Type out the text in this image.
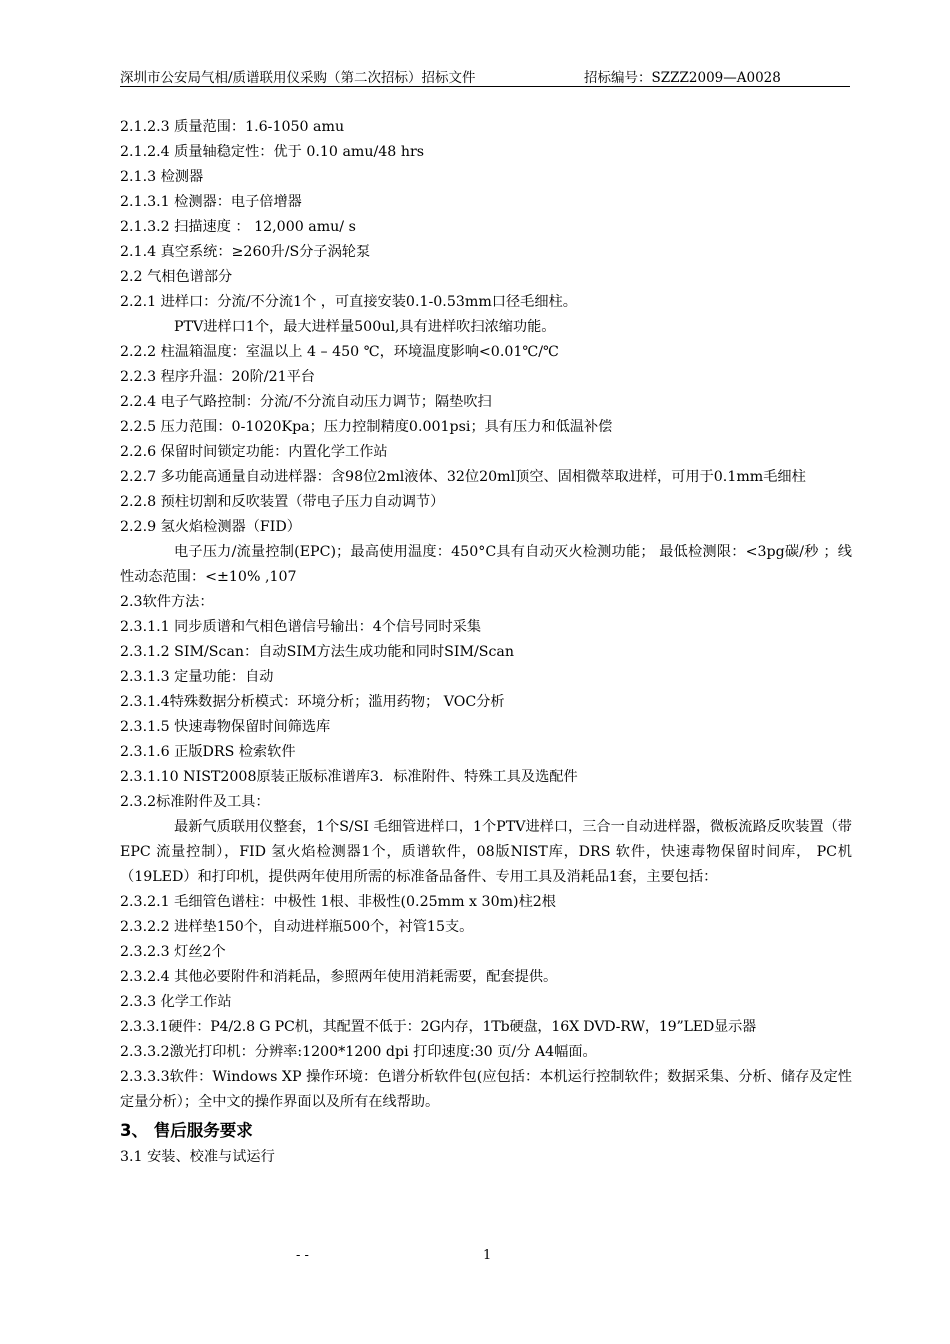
深圳市公安局气相/质谱联用仪采购（第二次招标）招标文件	招标编号：SZZZ2009—A0028
2.1.2.3 质量范围：1.6-1050 amu
2.1.2.4 质量轴稳定性：优于 0.10 amu/48 hrs
2.1.3 检测器
2.1.3.1 检测器：电子倍增器
2.1.3.2 扫描速度 ： 12,000 amu/ s
2.1.4 真空系统：≥260升/S分子涡轮泵
2.2 气相色谱部分
2.2.1 进样口：分流/不分流1个 ，可直接安装0.1-0.53mm口径毛细柱。
PTV进样口1个，最大进样量500ul,具有进样吹扫浓缩功能。
2.2.2 柱温箱温度：室温以上 4 – 450 ℃，环境温度影响<0.01℃/℃
2.2.3 程序升温：20阶/21平台
2.2.4 电子气路控制：分流/不分流自动压力调节；隔垫吹扫
2.2.5 压力范围：0-1020Kpa；压力控制精度0.001psi；具有压力和低温补偿
2.2.6 保留时间锁定功能：内置化学工作站
2.2.7 多功能高通量自动进样器：含98位2ml液体、32位20ml顶空、固相微萃取进样，可用于0.1mm毛细柱
2.2.8 预柱切割和反吹装置（带电子压力自动调节）
2.2.9 氢火焰检测器（FID）
电子压力/流量控制(EPC)；最高使用温度：450°C具有自动灭火检测功能； 最低检测限：<3pg碳/秒 ；线性动态范围：<±10% ,107
2.3软件方法：
2.3.1.1 同步质谱和气相色谱信号输出：4个信号同时采集
2.3.1.2 SIM/Scan：自动SIM方法生成功能和同时SIM/Scan
2.3.1.3 定量功能：自动
2.3.1.4特殊数据分析模式：环境分析；滥用药物； VOC分析
2.3.1.5 快速毒物保留时间筛选库
2.3.1.6 正版DRS 检索软件
2.3.1.10 NIST2008原装正版标准谱库3．标准附件、特殊工具及选配件
2.3.2标准附件及工具：
最新气质联用仪整套，1个S/SI 毛细管进样口，1个PTV进样口，三合一自动进样器，微板流路反吹装置（带EPC 流量控制），FID 氢火焰检测器1个，质谱软件，08版NIST库，DRS 软件，快速毒物保留时间库， PC机（19LED）和打印机，提供两年使用所需的标准备品备件、专用工具及消耗品1套，主要包括：
2.3.2.1 毛细管色谱柱：中极性 1根、非极性(0.25mm x 30m)柱2根
2.3.2.2 进样垫150个，自动进样瓶500个，衬管15支。
2.3.2.3 灯丝2个
2.3.2.4 其他必要附件和消耗品，参照两年使用消耗需要，配套提供。
2.3.3 化学工作站
2.3.3.1硬件：P4/2.8 G PC机，其配置不低于：2G内存，1Tb硬盘，16X DVD-RW，19”LED显示器
2.3.3.2激光打印机：分辨率:1200*1200 dpi 打印速度:30 页/分 A4幅面。
2.3.3.3软件：Windows XP 操作环境：色谱分析软件包(应包括：本机运行控制软件；数据采集、分析、储存及定性定量分析）；全中文的操作界面以及所有在线帮助。
3、 售后服务要求
3.1 安装、校准与试运行
- -	1
